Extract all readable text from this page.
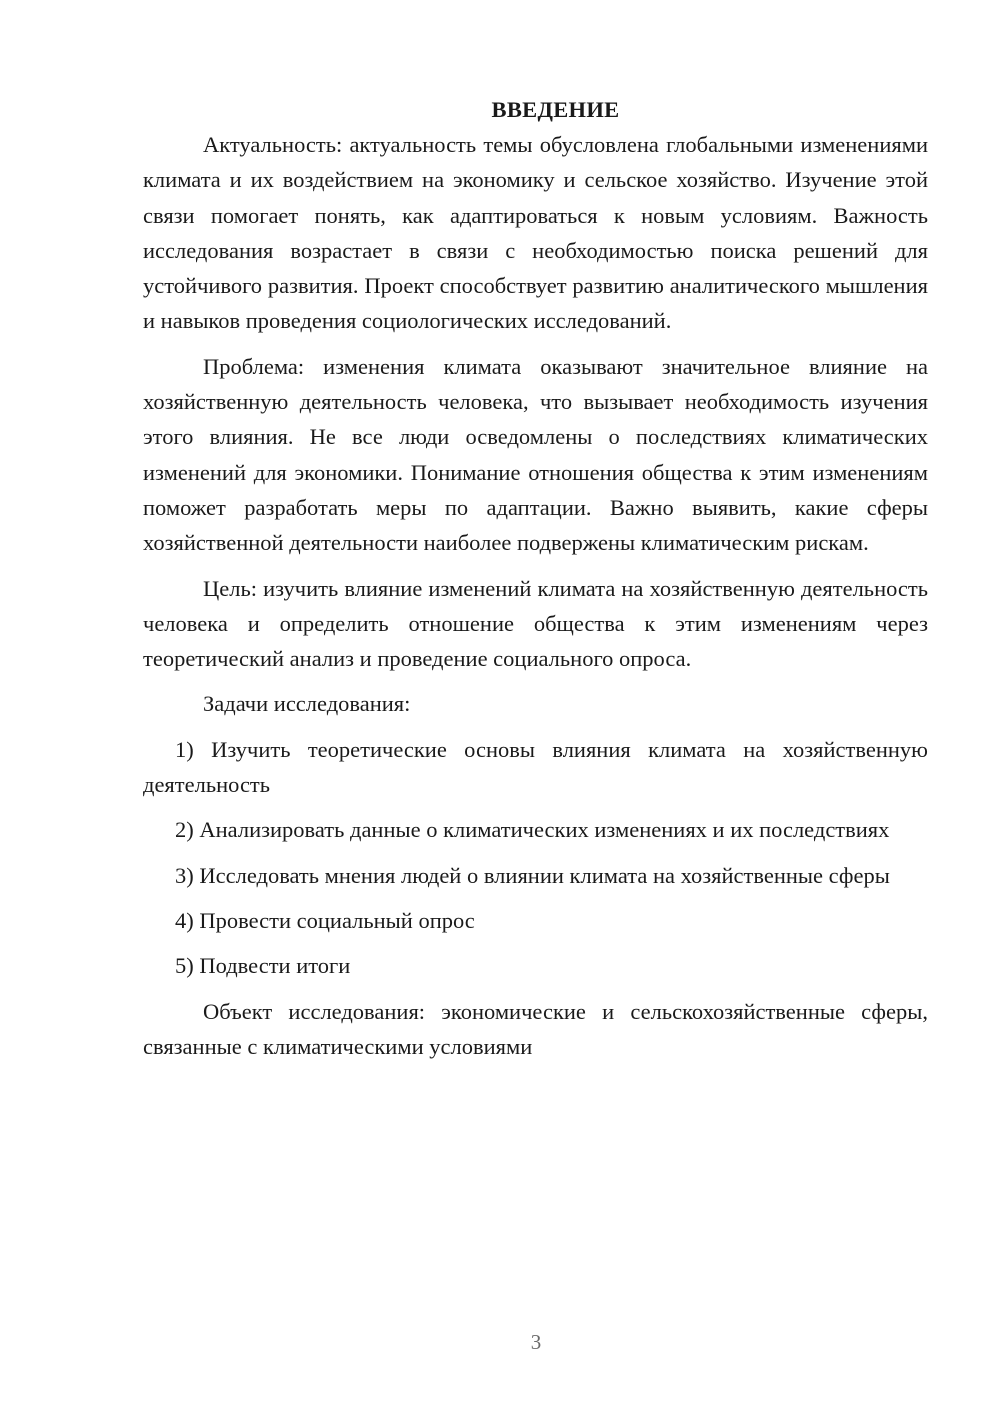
ВВЕДЕНИЕ

Актуальность: актуальность темы обусловлена глобальными изменениями климата и их воздействием на экономику и сельское хозяйство. Изучение этой связи помогает понять, как адаптироваться к новым условиям. Важность исследования возрастает в связи с необходимостью поиска решений для устойчивого развития. Проект способствует развитию аналитического мышления и навыков проведения социологических исследований.

Проблема: изменения климата оказывают значительное влияние на хозяйственную деятельность человека, что вызывает необходимость изучения этого влияния. Не все люди осведомлены о последствиях климатических изменений для экономики. Понимание отношения общества к этим изменениям поможет разработать меры по адаптации. Важно выявить, какие сферы хозяйственной деятельности наиболее подвержены климатическим рискам.

Цель: изучить влияние изменений климата на хозяйственную деятельность человека и определить отношение общества к этим изменениям через теоретический анализ и проведение социального опроса.

Задачи исследования:

1) Изучить теоретические основы влияния климата на хозяйственную деятельность

2) Анализировать данные о климатических изменениях и их последствиях

3) Исследовать мнения людей о влиянии климата на хозяйственные сферы

4) Провести социальный опрос

5) Подвести итоги

Объект исследования: экономические и сельскохозяйственные сферы, связанные с климатическими условиями

3
